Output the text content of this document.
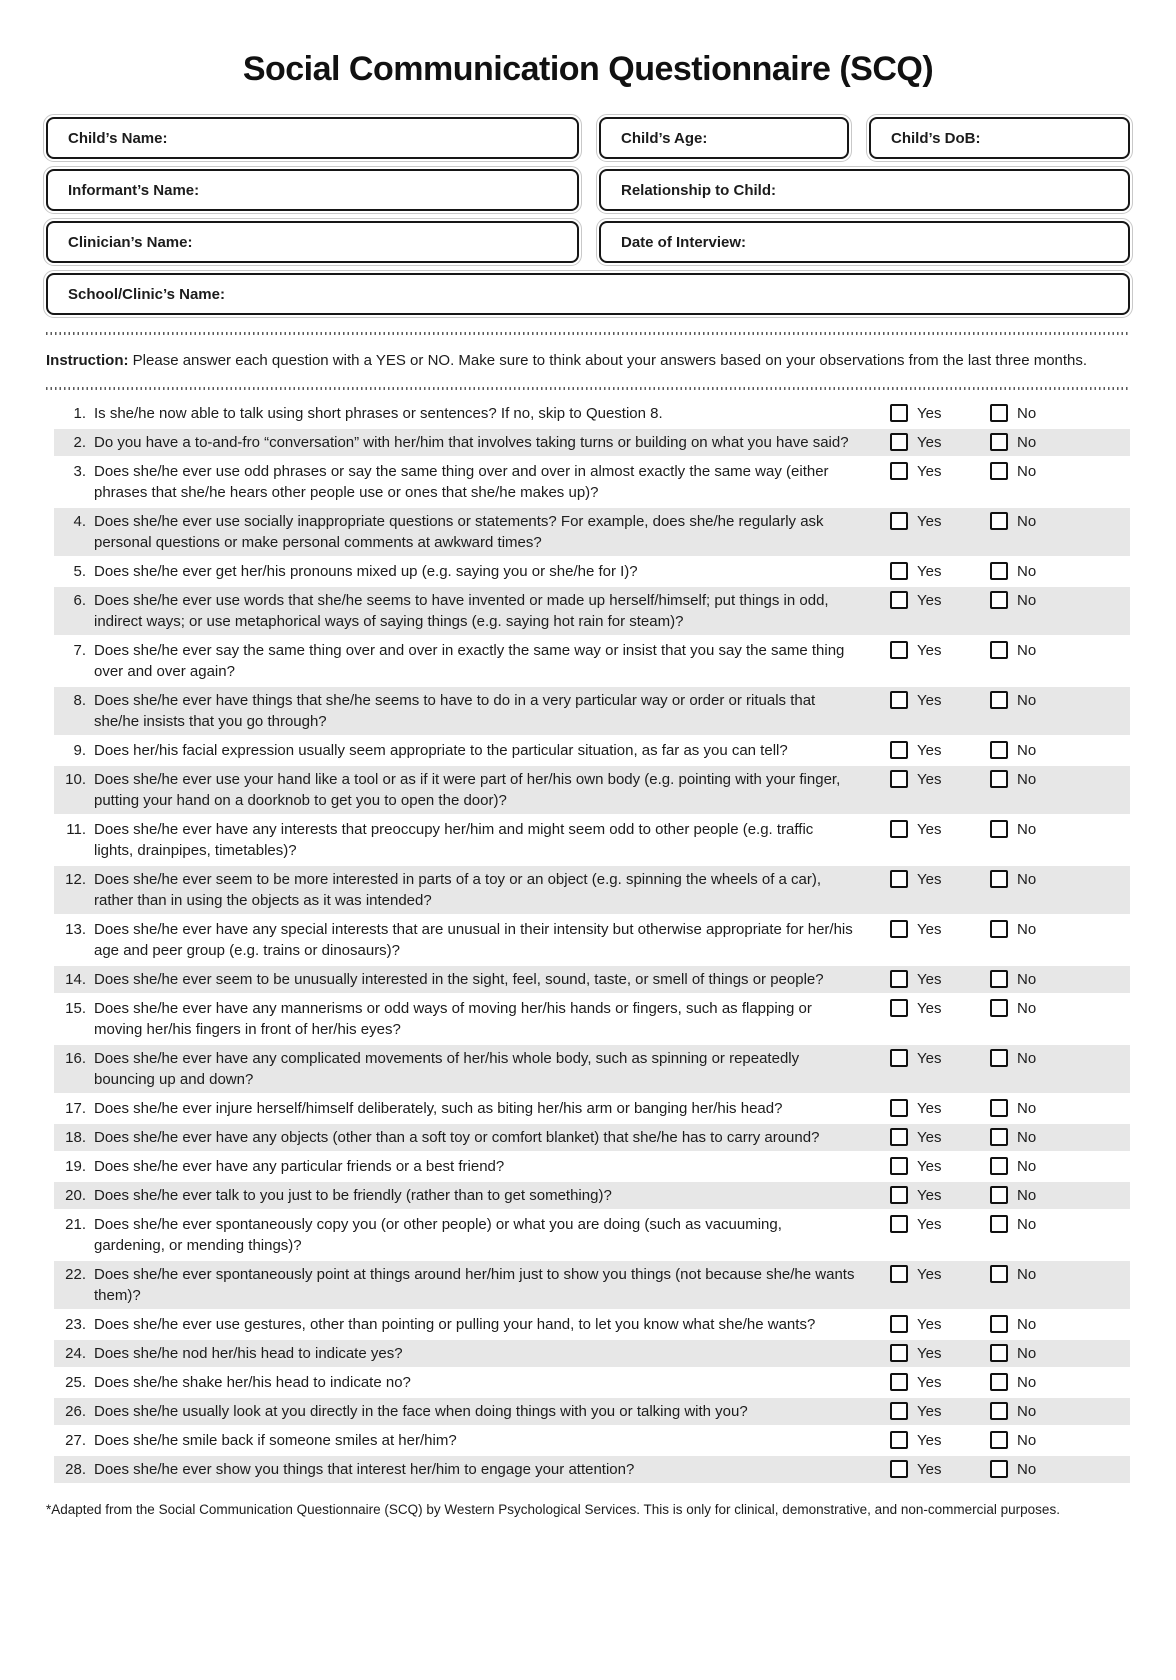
Social Communication Questionnaire (SCQ)
Child’s Name:	Child’s Age:	Child’s DoB:
Informant’s Name:	Relationship to Child:
Clinician’s Name:	Date of Interview:
School/Clinic’s Name:

Instruction: Please answer each question with a YES or NO. Make sure to think about your answers based on your observations from the last three months.

1. Is she/he now able to talk using short phrases or sentences? If no, skip to Question 8.	Yes	No
2. Do you have a to-and-fro “conversation” with her/him that involves taking turns or building on what you have said?	Yes	No
3. Does she/he ever use odd phrases or say the same thing over and over in almost exactly the same way (either phrases that she/he hears other people use or ones that she/he makes up)?
Yes	No
4. Does she/he ever use socially inappropriate questions or statements? For example, does she/he regularly ask personal questions or make personal comments at awkward times?
Yes	No
5. Does she/he ever get her/his pronouns mixed up (e.g. saying you or she/he for I)?	Yes	No
6. Does she/he ever use words that she/he seems to have invented or made up herself/himself; put things in odd, indirect ways; or use metaphorical ways of saying things (e.g. saying hot rain for steam)?
Yes	No
7. Does she/he ever say the same thing over and over in exactly the same way or insist that you say the same thing over and over again?
Yes	No
8. Does she/he ever have things that she/he seems to have to do in a very particular way or order or rituals that she/he insists that you go through?
Yes	No
9. Does her/his facial expression usually seem appropriate to the particular situation, as far as you can tell?	Yes	No
10. Does she/he ever use your hand like a tool or as if it were part of her/his own body (e.g. pointing with your finger, putting your hand on a doorknob to get you to open the door)?
Yes	No
11. Does she/he ever have any interests that preoccupy her/him and might seem odd to other people (e.g. traffic lights, drainpipes, timetables)?
Yes	No
12. Does she/he ever seem to be more interested in parts of a toy or an object (e.g. spinning the wheels of a car), rather than in using the objects as it was intended?
Yes	No
13. Does she/he ever have any special interests that are unusual in their intensity but otherwise appropriate for her/his age and peer group (e.g. trains or dinosaurs)?
Yes	No
14. Does she/he ever seem to be unusually interested in the sight, feel, sound, taste, or smell of things or people?	Yes	No
15. Does she/he ever have any mannerisms or odd ways of moving her/his hands or fingers, such as flapping or moving her/his fingers in front of her/his eyes?
Yes	No
16. Does she/he ever have any complicated movements of her/his whole body, such as spinning or repeatedly bouncing up and down?
Yes	No
17. Does she/he ever injure herself/himself deliberately, such as biting her/his arm or banging her/his head?	Yes	No
18. Does she/he ever have any objects (other than a soft toy or comfort blanket) that she/he has to carry around?	Yes	No
19. Does she/he ever have any particular friends or a best friend?	Yes	No
20. Does she/he ever talk to you just to be friendly (rather than to get something)?	Yes	No
21. Does she/he ever spontaneously copy you (or other people) or what you are doing (such as vacuuming, gardening, or mending things)?
Yes	No
22. Does she/he ever spontaneously point at things around her/him just to show you things (not because she/he wants them)?
Yes	No
23. Does she/he ever use gestures, other than pointing or pulling your hand, to let you know what she/he wants?	Yes	No
24. Does she/he nod her/his head to indicate yes?	Yes	No
25. Does she/he shake her/his head to indicate no?	Yes	No
26. Does she/he usually look at you directly in the face when doing things with you or talking with you?	Yes	No
27. Does she/he smile back if someone smiles at her/him?	Yes	No
28. Does she/he ever show you things that interest her/him to engage your attention?	Yes	No

*Adapted from the Social Communication Questionnaire (SCQ) by Western Psychological Services. This is only for clinical, demonstrative, and non-commercial purposes.
